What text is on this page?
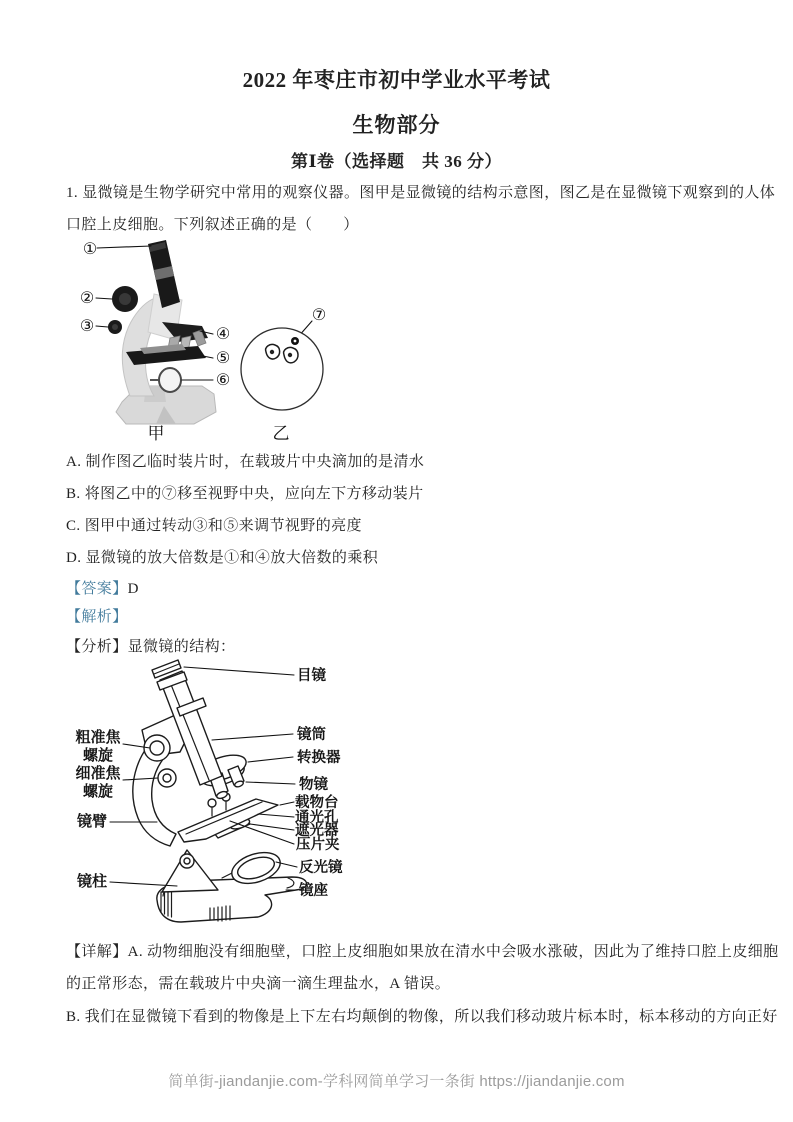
2022 年枣庄市初中学业水平考试
生物部分
第Ⅰ卷（选择题　共 36 分）
1. 显微镜是生物学研究中常用的观察仪器。图甲是显微镜的结构示意图，图乙是在显微镜下观察到的人体
口腔上皮细胞。下列叙述正确的是（　　）
①
②
③	④
⑤
⑥
⑦
甲	乙
A. 制作图乙临时装片时，在载玻片中央滴加的是清水
B. 将图乙中的⑦移至视野中央，应向左下方移动装片
C. 图甲中通过转动③和⑤来调节视野的亮度
D. 显微镜的放大倍数是①和④放大倍数的乘积
【答案】D
【解析】
【分析】显微镜的结构：
粗准焦
螺旋
细准焦
螺旋
镜臂
镜柱
目镜
镜筒
转换器
物镜
载物台
通光孔
遮光器
压片夹
反光镜
镜座
【详解】A. 动物细胞没有细胞壁，口腔上皮细胞如果放在清水中会吸水涨破，因此为了维持口腔上皮细胞
的正常形态，需在载玻片中央滴一滴生理盐水，A 错误。
B. 我们在显微镜下看到的物像是上下左右均颠倒的物像，所以我们移动玻片标本时，标本移动的方向正好
简单街-jiandanjie.com-学科网简单学习一条街 https://jiandanjie.com
